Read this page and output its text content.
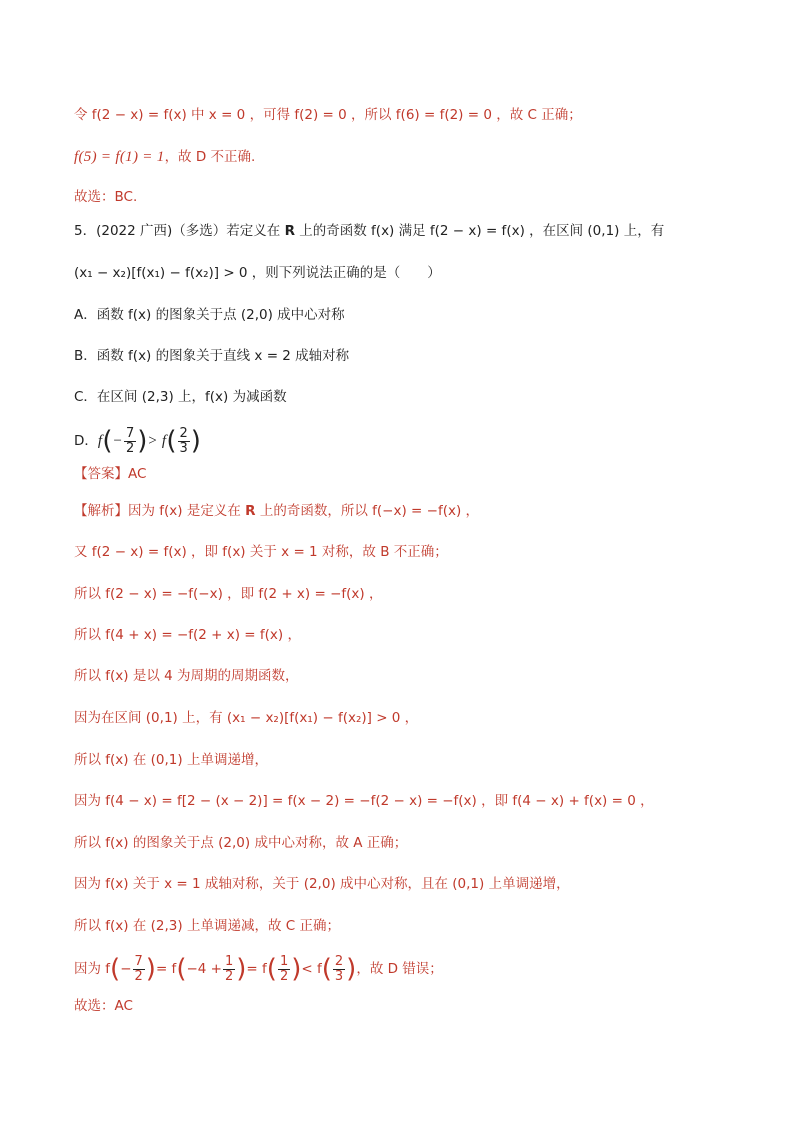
令 f(2 − x) = f(x) 中 x = 0 ，可得 f(2) = 0 ，所以 f(6) = f(2) = 0 ，故 C 正确；
f(5) = f(1) = 1，故 D 不正确.
故选：BC.
5．(2022 广西)（多选）若定义在 R 上的奇函数 f(x) 满足 f(2 − x) = f(x) ，在区间 (0,1) 上，有
(x₁ − x₂)[f(x₁) − f(x₂)] > 0 ，则下列说法正确的是（　　）
A．函数 f(x) 的图象关于点 (2,0) 成中心对称
B．函数 f(x) 的图象关于直线 x = 2 成轴对称
C．在区间 (2,3) 上，f(x) 为减函数
D． f ( − $\frac{7}{2}$ ) > f ( $\frac{2}{3}$ )
【答案】AC
【解析】因为 f(x) 是定义在 R 上的奇函数，所以 f(−x) = −f(x) ，
又 f(2 − x) = f(x) ，即 f(x) 关于 x = 1 对称，故 B 不正确；
所以 f(2 − x) = −f(−x) ，即 f(2 + x) = −f(x) ，
所以 f(4 + x) = −f(2 + x) = f(x) ，
所以 f(x) 是以 4 为周期的周期函数，
因为在区间 (0,1) 上，有 (x₁ − x₂)[f(x₁) − f(x₂)] > 0 ，
所以 f(x) 在 (0,1) 上单调递增，
因为 f(4 − x) = f[2 − (x − 2)] = f(x − 2) = −f(2 − x) = −f(x) ，即 f(4 − x) + f(x) = 0 ，
所以 f(x) 的图象关于点 (2,0) 成中心对称，故 A 正确；
因为 f(x) 关于 x = 1 成轴对称，关于 (2,0) 成中心对称，且在 (0,1) 上单调递增，
所以 f(x) 在 (2,3) 上单调递减，故 C 正确；
因为 f ( − $\frac{7}{2}$ ) = f ( $-4 + \frac{1}{2}$ ) = f ( $\frac{1}{2}$ ) < f ( $\frac{2}{3}$ ) ，故 D 错误；
故选：AC
